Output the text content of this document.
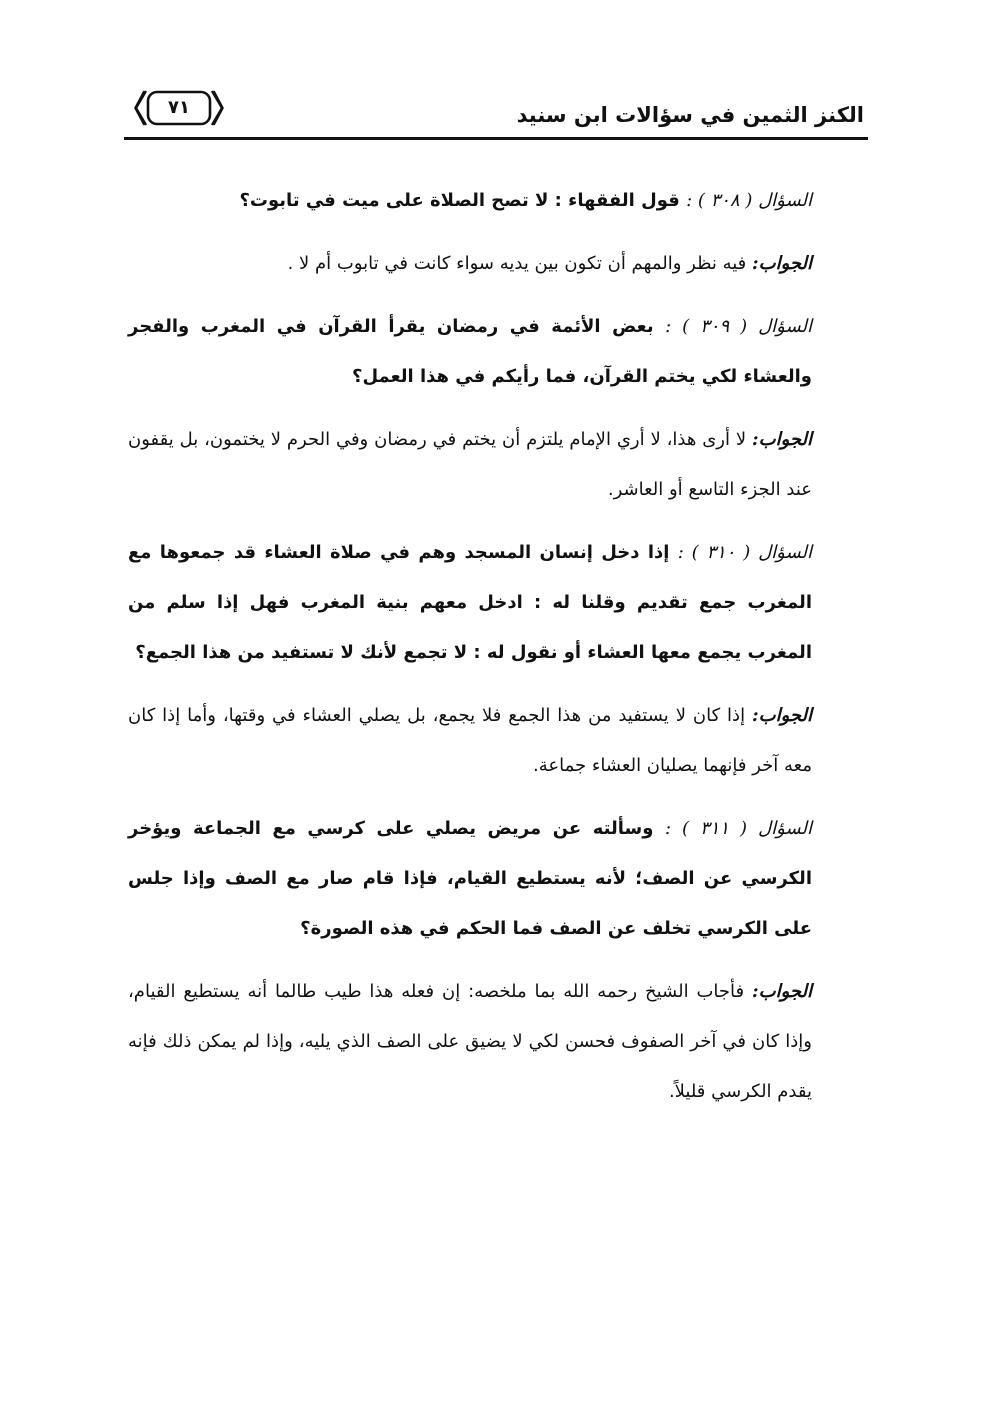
الكنز الثمين في سؤالات ابن سنيد
٧١

السؤال ( ٣٠٨ ) : قول الفقهاء : لا تصح الصلاة على ميت في تابوت؟

الجواب: فيه نظر والمهم أن تكون بين يديه سواء كانت في تابوب أم لا .

السؤال ( ٣٠٩ ) : بعض الأئمة في رمضان يقرأ القرآن في المغرب والفجر والعشاء لكي يختم القرآن، فما رأيكم في هذا العمل؟

الجواب: لا أرى هذا، لا أري الإمام يلتزم أن يختم في رمضان وفي الحرم لا يختمون، بل يقفون عند الجزء التاسع أو العاشر.

السؤال ( ٣١٠ ) : إذا دخل إنسان المسجد وهم في صلاة العشاء قد جمعوها مع المغرب جمع تقديم وقلنا له : ادخل معهم بنية المغرب فهل إذا سلم من المغرب يجمع معها العشاء أو نقول له : لا تجمع لأنك لا تستفيد من هذا الجمع؟

الجواب: إذا كان لا يستفيد من هذا الجمع فلا يجمع، بل يصلي العشاء في وقتها، وأما إذا كان معه آخر فإنهما يصليان العشاء جماعة.

السؤال ( ٣١١ ) : وسألته عن مريض يصلي على كرسي مع الجماعة ويؤخر الكرسي عن الصف؛ لأنه يستطيع القيام، فإذا قام صار مع الصف وإذا جلس على الكرسي تخلف عن الصف فما الحكم في هذه الصورة؟

الجواب: فأجاب الشيخ رحمه الله بما ملخصه: إن فعله هذا طيب طالما أنه يستطيع القيام، وإذا كان في آخر الصفوف فحسن لكي لا يضيق على الصف الذي يليه، وإذا لم يمكن ذلك فإنه يقدم الكرسي قليلاً.
